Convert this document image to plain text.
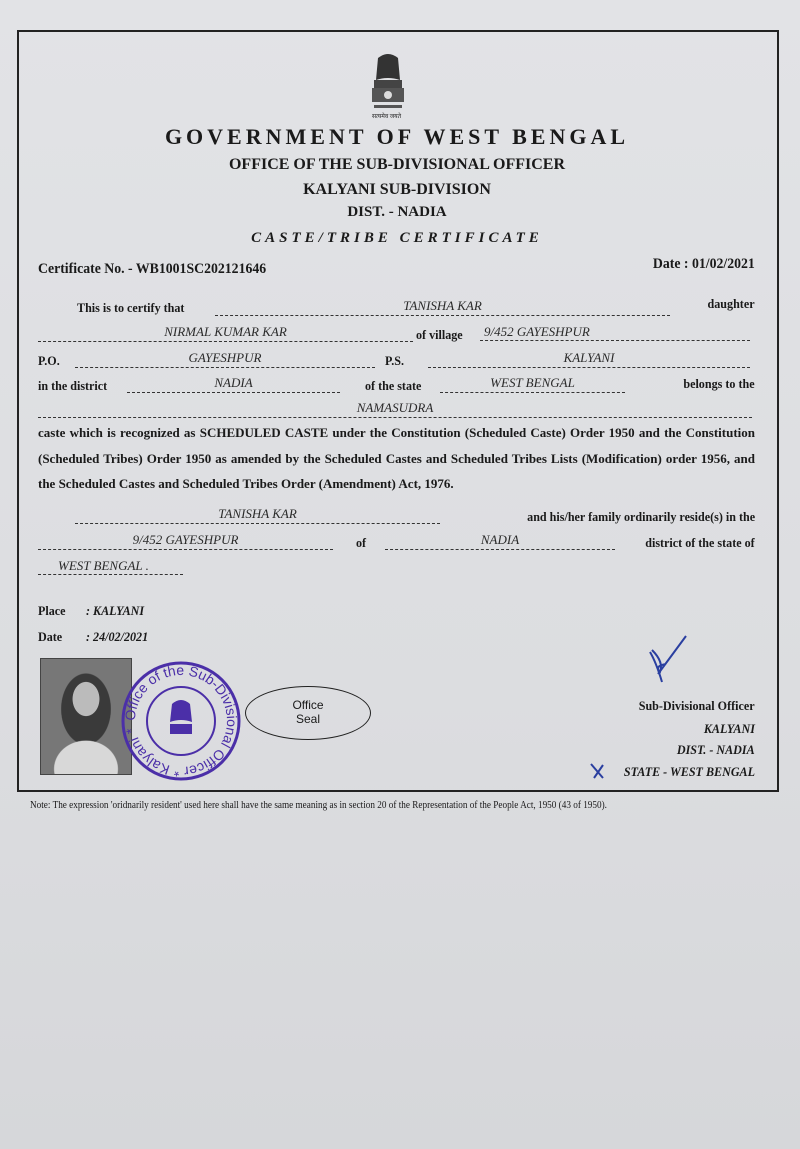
सत्यमेव जयते
GOVERNMENT OF WEST BENGAL
OFFICE OF THE SUB-DIVISIONAL OFFICER
KALYANI SUB-DIVISION
DIST. - NADIA
CASTE/TRIBE CERTIFICATE
Certificate No. - WB1001SC202121646	Date : 01/02/2021
This is to certify that	TANISHA KAR	daughter
NIRMAL KUMAR KAR	of village	9/452 GAYESHPUR
P.O.	GAYESHPUR	P.S.	KALYANI
in the district	NADIA	of the state	WEST BENGAL	belongs to the
NAMASUDRA
caste which is recognized as SCHEDULED CASTE under the Constitution (Scheduled Caste) Order 1950 and the Constitution (Scheduled Tribes) Order 1950 as amended by the Scheduled Castes and Scheduled Tribes Lists (Modification) order 1956, and the Scheduled Castes and Scheduled Tribes Order (Amendment) Act, 1976.
TANISHA KAR	and his/her family ordinarily reside(s) in the
9/452 GAYESHPUR	of	NADIA	district of the state of
WEST BENGAL .
Place : KALYANI
Date : 24/02/2021
Office of the Sub-Divisional Officer * Kalyani *
Office
Seal
Sub-Divisional Officer
KALYANI
DIST. - NADIA
STATE - WEST BENGAL
Note: The expression 'oridnarily resident' used here shall have the same meaning as in section 20 of the Representation of the People Act, 1950 (43 of 1950).
